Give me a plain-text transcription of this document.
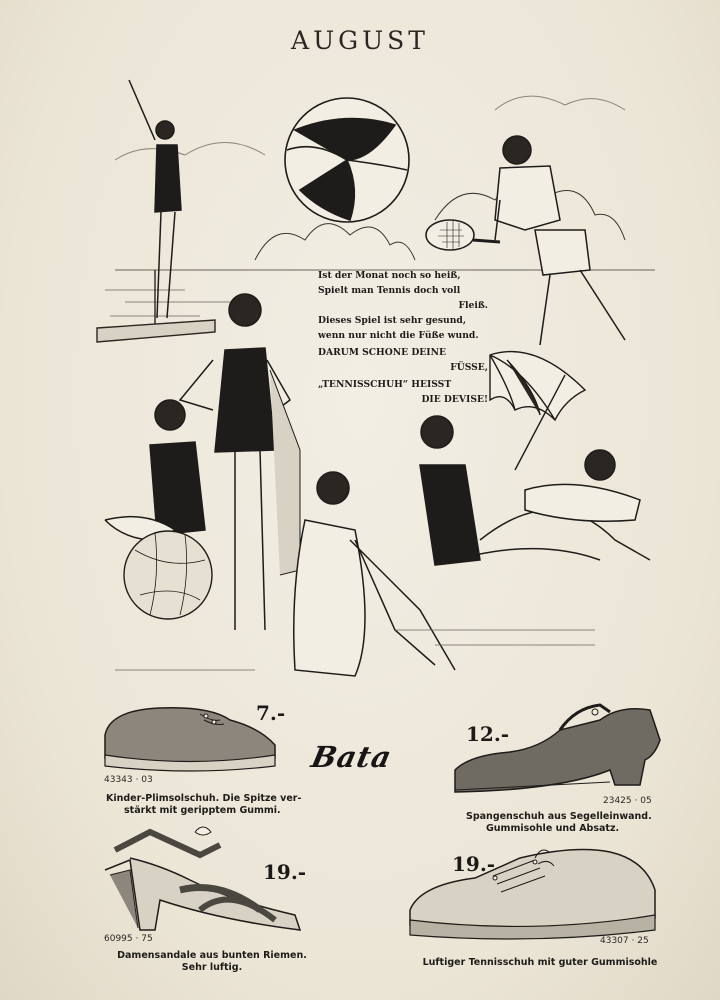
AUGUST
Ist der Monat noch so heiß,
Spielt man Tennis doch voll
Fleiß.
Dieses Spiel ist sehr gesund,
wenn nur nicht die Füße wund.
DARUM SCHONE DEINE
FÜSSE,
„TENNISSCHUH“ HEISST
DIE DEVISE!
Bata
7.-
43343 · 03
Kinder-Plimsolschuh. Die Spitze ver-
stärkt mit geripptem Gummi.
12.-
23425 · 05
Spangenschuh aus Segelleinwand.
Gummisohle und Absatz.
19.-
60995 · 75
Damensandale aus bunten Riemen.
Sehr luftig.
19.-
43307 · 25
Luftiger Tennisschuh mit guter Gummisohle
